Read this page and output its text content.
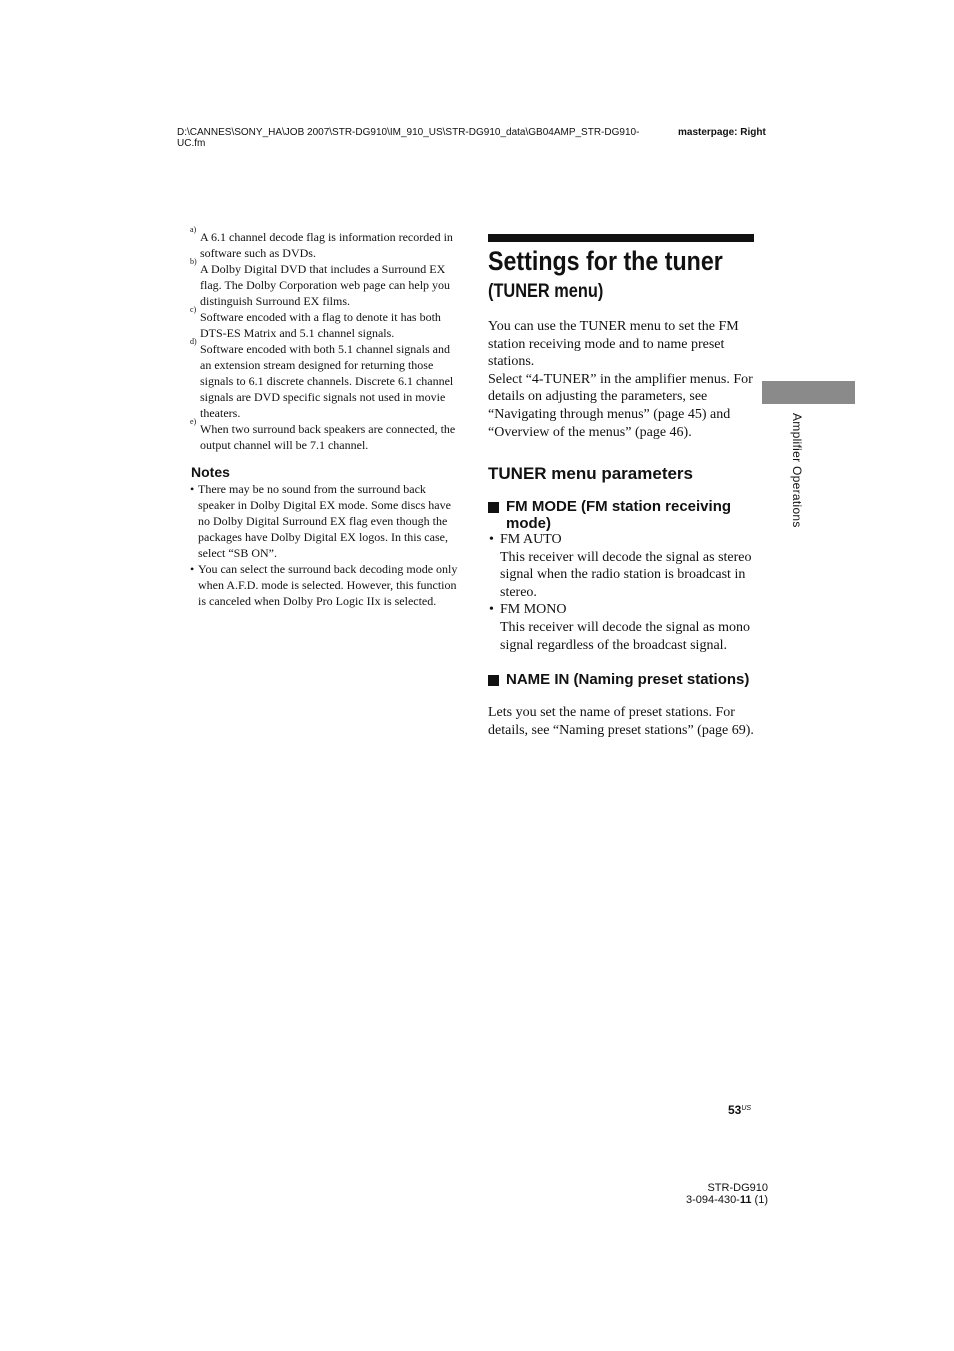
D:\CANNES\SONY_HA\JOB 2007\STR-DG910\IM_910_US\STR-DG910_data\GB04AMP_STR-DG910-UC.fm
masterpage: Right
a)
A 6.1 channel decode flag is information recorded in software such as DVDs.
b)
A Dolby Digital DVD that includes a Surround EX flag. The Dolby Corporation web page can help you distinguish Surround EX films.
c)
Software encoded with a flag to denote it has both DTS-ES Matrix and 5.1 channel signals.
d)
Software encoded with both 5.1 channel signals and an extension stream designed for returning those signals to 6.1 discrete channels. Discrete 6.1 channel signals are DVD specific signals not used in movie theaters.
e)
When two surround back speakers are connected, the output channel will be 7.1 channel.
Notes
• There may be no sound from the surround back speaker in Dolby Digital EX mode. Some discs have no Dolby Digital Surround EX flag even though the packages have Dolby Digital EX logos. In this case, select “SB ON”.
• You can select the surround back decoding mode only when A.F.D. mode is selected. However, this function is canceled when Dolby Pro Logic IIx is selected.
Settings for the tuner
(TUNER menu)
You can use the TUNER menu to set the FM station receiving mode and to name preset stations.
Select “4-TUNER” in the amplifier menus. For details on adjusting the parameters, see “Navigating through menus” (page 45) and “Overview of the menus” (page 46).
TUNER menu parameters
FM MODE (FM station receiving mode)
• FM AUTO
This receiver will decode the signal as stereo signal when the radio station is broadcast in stereo.
• FM MONO
This receiver will decode the signal as mono signal regardless of the broadcast signal.
NAME IN (Naming preset stations)
Lets you set the name of preset stations. For details, see “Naming preset stations” (page 69).
Amplifier Operations
$53^{US}$
STR-DG910
3-094-430-11 (1)
